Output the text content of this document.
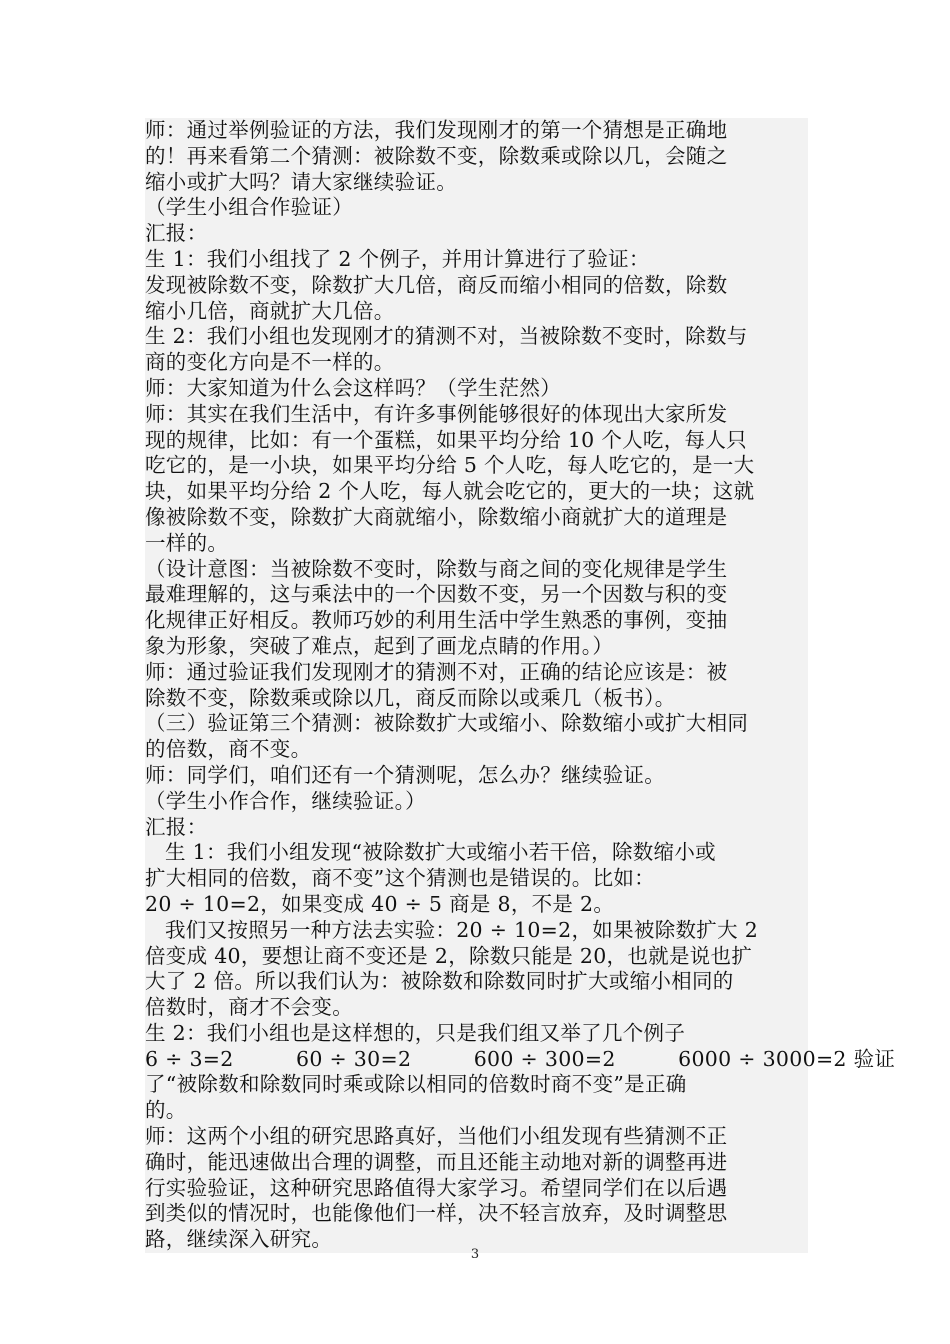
师：通过举例验证的方法，我们发现刚才的第一个猜想是正确地

的！再来看第二个猜测：被除数不变，除数乘或除以几，会随之

缩小或扩大吗？请大家继续验证。

（学生小组合作验证）

汇报：

生 1：我们小组找了 2 个例子，并用计算进行了验证：

发现被除数不变，除数扩大几倍，商反而缩小相同的倍数，除数

缩小几倍，商就扩大几倍。

生 2：我们小组也发现刚才的猜测不对，当被除数不变时，除数与

商的变化方向是不一样的。

师：大家知道为什么会这样吗？（学生茫然）

师：其实在我们生活中，有许多事例能够很好的体现出大家所发

现的规律，比如：有一个蛋糕，如果平均分给 10 个人吃，每人只

吃它的，是一小块，如果平均分给 5 个人吃，每人吃它的，是一大

块，如果平均分给 2 个人吃，每人就会吃它的，更大的一块；这就

像被除数不变，除数扩大商就缩小，除数缩小商就扩大的道理是

一样的。

（设计意图：当被除数不变时，除数与商之间的变化规律是学生

最难理解的，这与乘法中的一个因数不变，另一个因数与积的变

化规律正好相反。教师巧妙的利用生活中学生熟悉的事例，变抽

象为形象，突破了难点，起到了画龙点睛的作用。）

师：通过验证我们发现刚才的猜测不对，正确的结论应该是：被

除数不变，除数乘或除以几，商反而除以或乘几（板书）。

（三）验证第三个猜测：被除数扩大或缩小、除数缩小或扩大相同

的倍数，商不变。

师：同学们，咱们还有一个猜测呢，怎么办？继续验证。

（学生小作合作，继续验证。）

汇报：

生 1：我们小组发现“被除数扩大或缩小若干倍，除数缩小或

扩大相同的倍数，商不变”这个猜测也是错误的。比如：

20 ÷ 10=2，如果变成 40 ÷ 5 商是 8，不是 2。

我们又按照另一种方法去实验：20 ÷ 10=2，如果被除数扩大 2

倍变成 40，要想让商不变还是 2，除数只能是 20，也就是说也扩

大了 2 倍。所以我们认为：被除数和除数同时扩大或缩小相同的

倍数时，商才不会变。

生 2：我们小组也是这样想的，只是我们组又举了几个例子

6 ÷ 3=2　　　60 ÷ 30=2　　　600 ÷ 300=2　　　6000 ÷ 3000=2 验证

了“被除数和除数同时乘或除以相同的倍数时商不变”是正确

的。

师：这两个小组的研究思路真好，当他们小组发现有些猜测不正

确时，能迅速做出合理的调整，而且还能主动地对新的调整再进

行实验验证，这种研究思路值得大家学习。希望同学们在以后遇

到类似的情况时，也能像他们一样，决不轻言放弃，及时调整思

路，继续深入研究。

3
